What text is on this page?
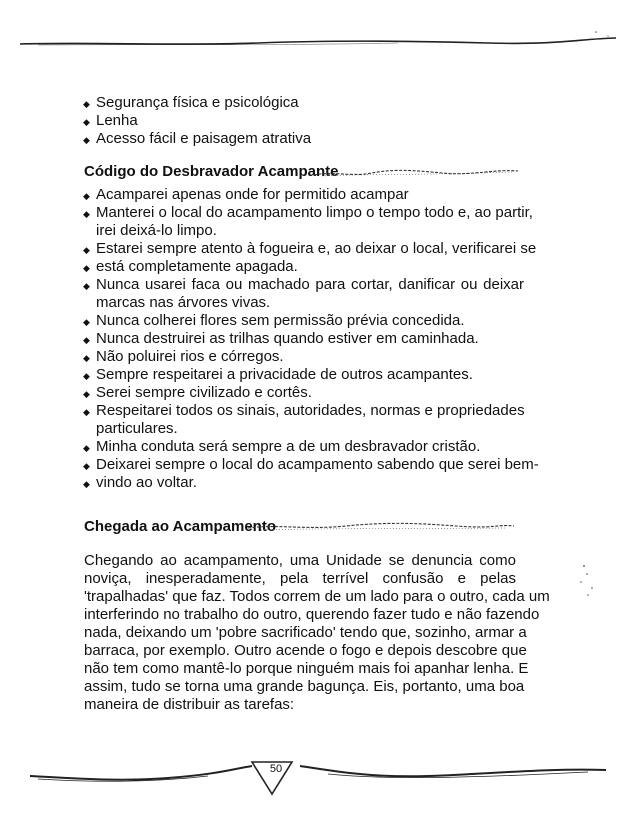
◆ Segurança física e psicológica
◆ Lenha
◆ Acesso fácil e paisagem atrativa
Código do Desbravador Acampante
◆ Acamparei apenas onde for permitido acampar
◆ Manterei o local do acampamento limpo o tempo todo e, ao partir,
irei deixá-lo limpo.
◆ Estarei sempre atento à fogueira e, ao deixar o local, verificarei se
◆ está completamente apagada.
◆ Nunca usarei faca ou machado para cortar, danificar ou deixar
marcas nas árvores vivas.
◆ Nunca colherei flores sem permissão prévia concedida.
◆ Nunca destruirei as trilhas quando estiver em caminhada.
◆ Não poluirei rios e córregos.
◆ Sempre respeitarei a privacidade de outros acampantes.
◆ Serei sempre civilizado e cortês.
◆ Respeitarei todos os sinais, autoridades, normas e propriedades
particulares.
◆ Minha conduta será sempre a de um desbravador cristão.
◆ Deixarei sempre o local do acampamento sabendo que serei bem-
◆ vindo ao voltar.
Chegada ao Acampamento
Chegando ao acampamento, uma Unidade se denuncia como
noviça, inesperadamente, pela terrível confusão e pelas
'trapalhadas' que faz. Todos correm de um lado para o outro, cada um
interferindo no trabalho do outro, querendo fazer tudo e não fazendo
nada, deixando um 'pobre sacrificado' tendo que, sozinho, armar a
barraca, por exemplo. Outro acende o fogo e depois descobre que
não tem como mantê-lo porque ninguém mais foi apanhar lenha. E
assim, tudo se torna uma grande bagunça. Eis, portanto, uma boa
maneira de distribuir as tarefas:
50
